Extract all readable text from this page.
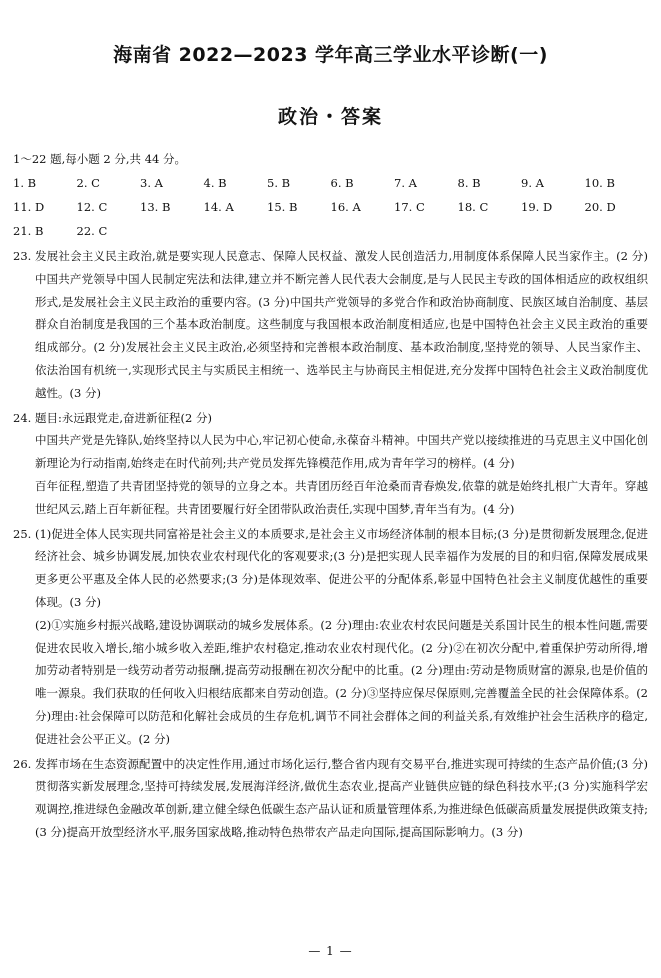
海南省 2022—2023 学年高三学业水平诊断(一)
政治・答案
1～22 题,每小题 2 分,共 44 分。
1. B	2. C	3. A	4. B	5. B	6. B	7. A	8. B	9. A	10. B
11. D	12. C	13. B	14. A	15. B	16. A	17. C	18. C	19. D	20. D
21. B	22. C
23. 发展社会主义民主政治,就是要实现人民意志、保障人民权益、激发人民创造活力,用制度体系保障人民当家作主。(2 分)中国共产党领导中国人民制定宪法和法律,建立并不断完善人民代表大会制度,是与人民民主专政的国体相适应的政权组织形式,是发展社会主义民主政治的重要内容。(3 分)中国共产党领导的多党合作和政治协商制度、民族区域自治制度、基层群众自治制度是我国的三个基本政治制度。这些制度与我国根本政治制度相适应,也是中国特色社会主义民主政治的重要组成部分。(2 分)发展社会主义民主政治,必须坚持和完善根本政治制度、基本政治制度,坚持党的领导、人民当家作主、依法治国有机统一,实现形式民主与实质民主相统一、选举民主与协商民主相促进,充分发挥中国特色社会主义政治制度优越性。(3 分)
24. 题目:永远跟党走,奋进新征程(2 分)
中国共产党是先锋队,始终坚持以人民为中心,牢记初心使命,永葆奋斗精神。中国共产党以接续推进的马克思主义中国化创新理论为行动指南,始终走在时代前列;共产党员发挥先锋模范作用,成为青年学习的榜样。(4 分)
百年征程,塑造了共青团坚持党的领导的立身之本。共青团历经百年沧桑而青春焕发,依靠的就是始终扎根广大青年。穿越世纪风云,踏上百年新征程。共青团要履行好全团带队政治责任,实现中国梦,青年当有为。(4 分)
25. (1)促进全体人民实现共同富裕是社会主义的本质要求,是社会主义市场经济体制的根本目标;(3 分)是贯彻新发展理念,促进经济社会、城乡协调发展,加快农业农村现代化的客观要求;(3 分)是把实现人民幸福作为发展的目的和归宿,保障发展成果更多更公平惠及全体人民的必然要求;(3 分)是体现效率、促进公平的分配体系,彰显中国特色社会主义制度优越性的重要体现。(3 分)
(2)①实施乡村振兴战略,建设协调联动的城乡发展体系。(2 分)理由:农业农村农民问题是关系国计民生的根本性问题,需要促进农民收入增长,缩小城乡收入差距,维护农村稳定,推动农业农村现代化。(2 分)②在初次分配中,着重保护劳动所得,增加劳动者特别是一线劳动者劳动报酬,提高劳动报酬在初次分配中的比重。(2 分)理由:劳动是物质财富的源泉,也是价值的唯一源泉。我们获取的任何收入归根结底都来自劳动创造。(2 分)③坚持应保尽保原则,完善覆盖全民的社会保障体系。(2 分)理由:社会保障可以防范和化解社会成员的生存危机,调节不同社会群体之间的利益关系,有效维护社会生活秩序的稳定,促进社会公平正义。(2 分)
26. 发挥市场在生态资源配置中的决定性作用,通过市场化运行,整合省内现有交易平台,推进实现可持续的生态产品价值;(3 分)贯彻落实新发展理念,坚持可持续发展,发展海洋经济,做优生态农业,提高产业链供应链的绿色科技水平;(3 分)实施科学宏观调控,推进绿色金融改革创新,建立健全绿色低碳生态产品认证和质量管理体系,为推进绿色低碳高质量发展提供政策支持;(3 分)提高开放型经济水平,服务国家战略,推动特色热带农产品走向国际,提高国际影响力。(3 分)
— 1 —
